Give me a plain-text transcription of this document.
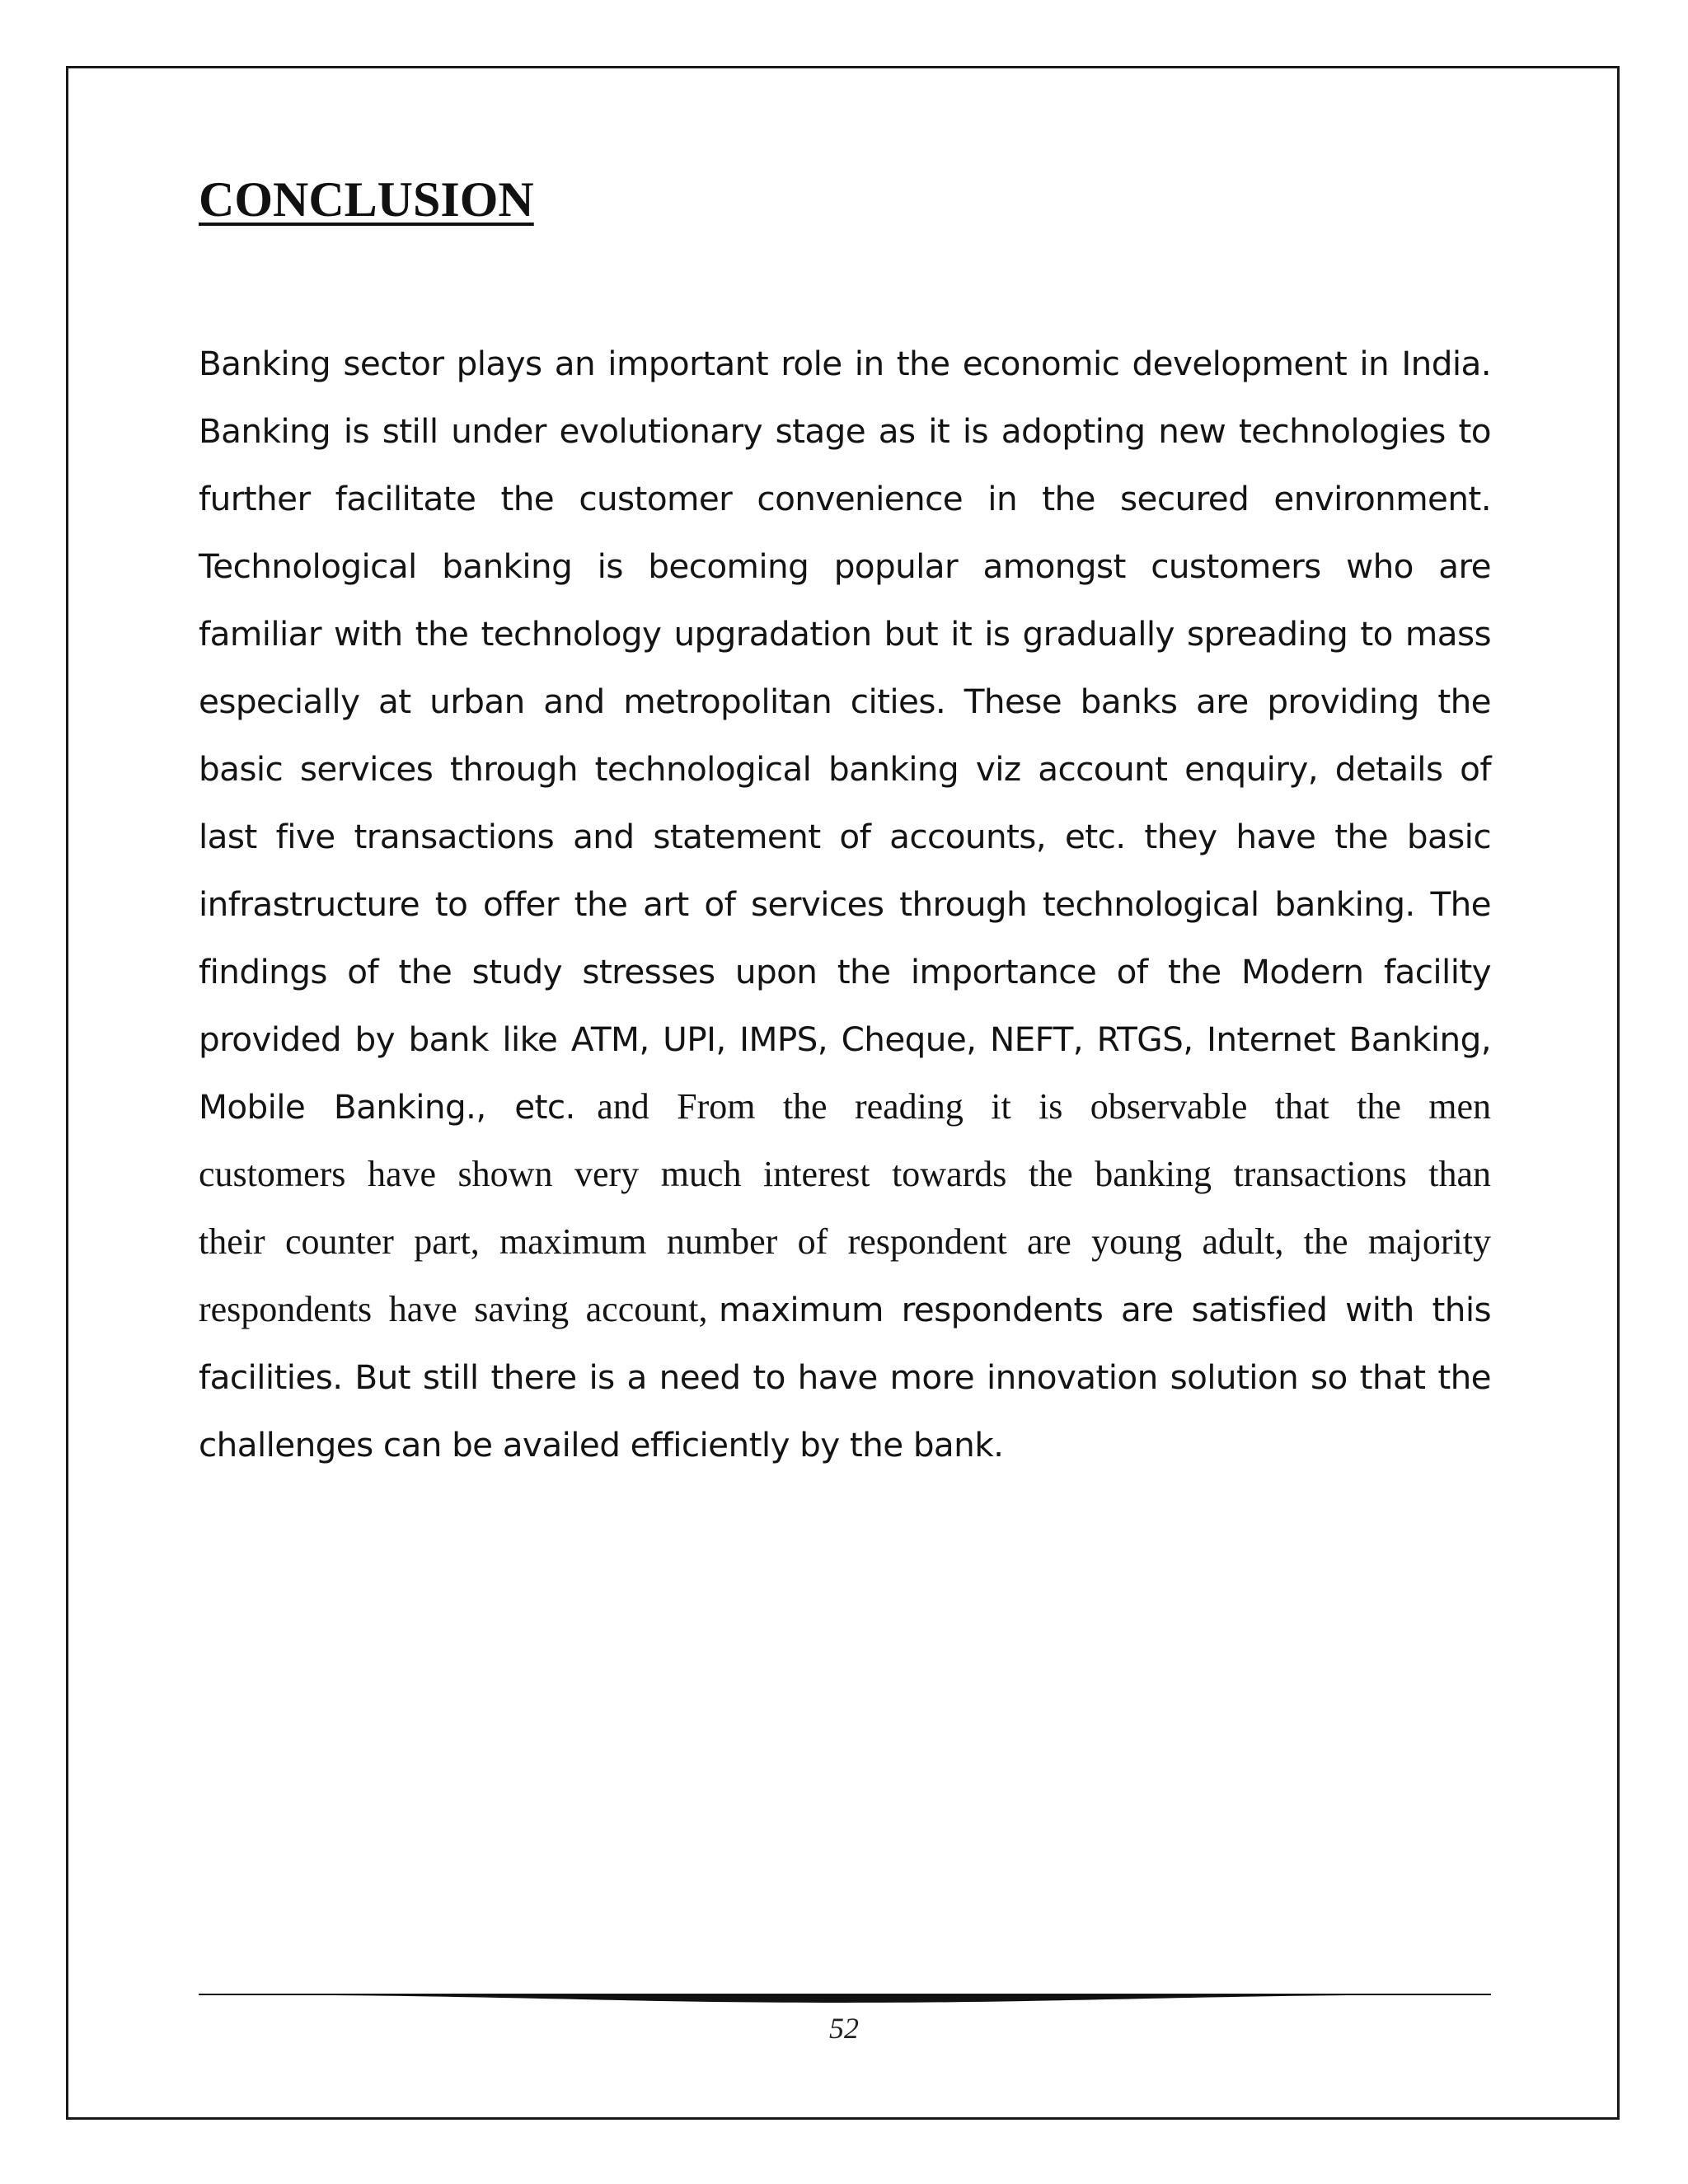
CONCLUSION
Banking sector plays an important role in the economic development in India.
Banking is still under evolutionary stage as it is adopting new technologies to
further facilitate the customer convenience in the secured environment.
Technological banking is becoming popular amongst customers who are
familiar with the technology upgradation but it is gradually spreading to mass
especially at urban and metropolitan cities. These banks are providing the
basic services through technological banking viz account enquiry, details of
last five transactions and statement of accounts, etc. they have the basic
infrastructure to offer the art of services through technological banking. The
findings of the study stresses upon the importance of the Modern facility
provided by bank like ATM, UPI, IMPS, Cheque, NEFT, RTGS, Internet Banking,
Mobile Banking., etc. and From the reading it is observable that the men
customers have shown very much interest towards the banking transactions than
their counter part, maximum number of respondent are young adult, the majority
respondents have saving account, maximum respondents are satisfied with this
facilities. But still there is a need to have more innovation solution so that the
challenges can be availed efficiently by the bank.
52
